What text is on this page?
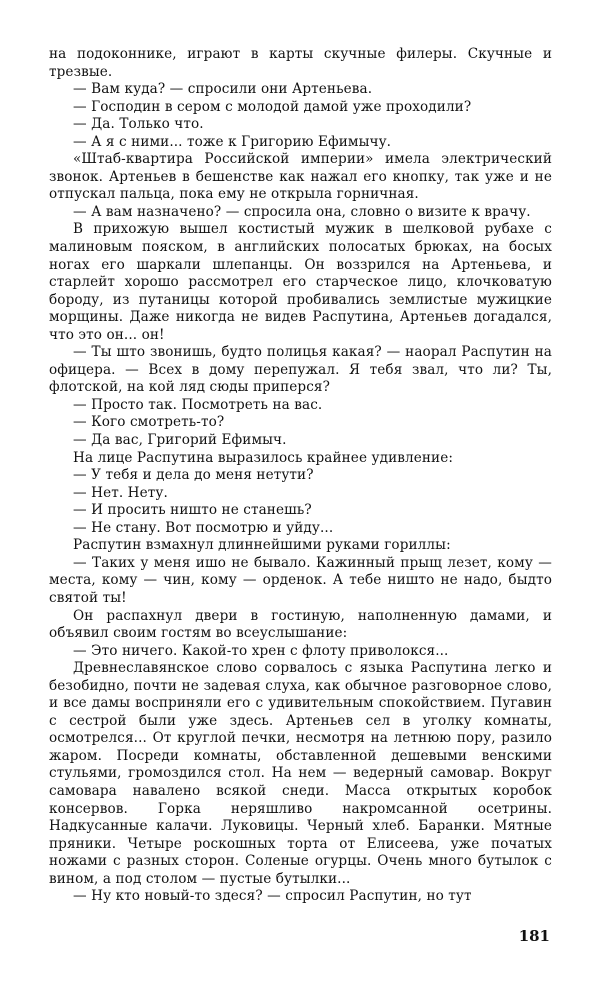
на подоконнике, играют в карты скучные филеры. Скучные и трезвые.

— Вам куда? — спросили они Артеньева.

— Господин в сером с молодой дамой уже проходили?

— Да. Только что.

— А я с ними... тоже к Григорию Ефимычу.

«Штаб-квартира Российской империи» имела электрический звонок. Артеньев в бешенстве как нажал его кнопку, так уже и не отпускал пальца, пока ему не открыла горничная.

— А вам назначено? — спросила она, словно о визите к врачу.

В прихожую вышел костистый мужик в шелковой рубахе с малиновым пояском, в английских полосатых брюках, на босых ногах его шаркали шлепанцы. Он воззрился на Артеньева, и старлейт хорошо рассмотрел его старческое лицо, клочковатую бороду, из путаницы которой пробивались землистые мужицкие морщины. Даже никогда не видев Распутина, Артеньев догадался, что это он... он!

— Ты што звонишь, будто полицья какая? — наорал Распутин на офицера. — Всех в дому перепужал. Я тебя звал, что ли? Ты, флотской, на кой ляд сюды приперся?

— Просто так. Посмотреть на вас.

— Кого смотреть-то?

— Да вас, Григорий Ефимыч.

На лице Распутина выразилось крайнее удивление:

— У тебя и дела до меня нетути?

— Нет. Нету.

— И просить ништо не станешь?

— Не стану. Вот посмотрю и уйду...

Распутин взмахнул длиннейшими руками гориллы:

— Таких у меня ишо не бывало. Кажинный прыщ лезет, кому — места, кому — чин, кому — орденок. А тебе ништо не надо, быдто святой ты!

Он распахнул двери в гостиную, наполненную дамами, и объявил своим гостям во всеуслышание:

— Это ничего. Какой-то хрен с флоту приволокся...

Древнеславянское слово сорвалось с языка Распутина легко и безобидно, почти не задевая слуха, как обычное разговорное слово, и все дамы восприняли его с удивительным спокойствием. Пугавин с сестрой были уже здесь. Артеньев сел в уголку комнаты, осмотрелся... От круглой печки, несмотря на летнюю пору, разило жаром. Посреди комнаты, обставленной дешевыми венскими стульями, громоздился стол. На нем — ведерный самовар. Вокруг самовара навалено всякой снеди. Масса открытых коробок консервов. Горка неряшливо накромсанной осетрины. Надкусанные калачи. Луковицы. Черный хлеб. Баранки. Мятные пряники. Четыре роскошных торта от Елисеева, уже початых ножами с разных сторон. Соленые огурцы. Очень много бутылок с вином, а под столом — пустые бутылки...

— Ну кто новый-то здеся? — спросил Распутин, но тут

181
